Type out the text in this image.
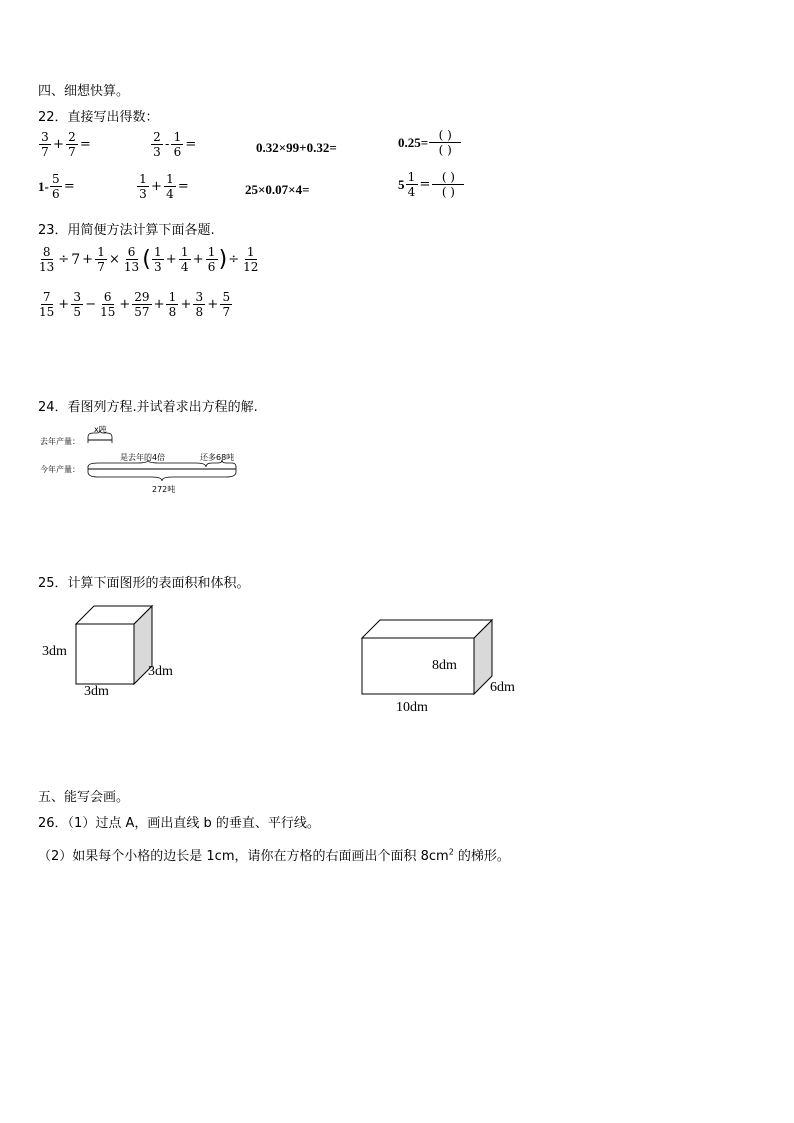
四、细想快算。
22．直接写出得数：
$\frac{3}{7} + \frac{2}{7}$ =	$\frac{2}{3} - \frac{1}{6}$ =	0.32×99+0.32=	$0.25= \frac{( )}{( )}$
$1- \frac{5}{6}$ =	$\frac{1}{3} + \frac{1}{4}$ =	25×0.07×4=	$5 \frac{1}{4} = \frac{( )}{( )}$
23．用简便方法计算下面各题.
$\frac{8}{13} \div 7 + \frac{1}{7} \times \frac{6}{13}$ ( $\frac{1}{3} + \frac{1}{4} + \frac{1}{6}$ ) ÷ $\frac{1}{12}$
$\frac{7}{15} + \frac{3}{5} - \frac{6}{15} + \frac{29}{57} + \frac{1}{8} + \frac{3}{8} + \frac{5}{7}$
24．看图列方程.并试着求出方程的解.
去年产量：
今年产量：
x吨
是去年的4倍	还多68吨
272吨
25．计算下面图形的表面积和体积。
3dm
3dm
3dm
8dm
6dm
10dm
五、能写会画。
26．（1）过点 A，画出直线 b 的垂直、平行线。
（2）如果每个小格的边长是 1cm，请你在方格的右面画出个面积 $8cm^2$ 的梯形。
